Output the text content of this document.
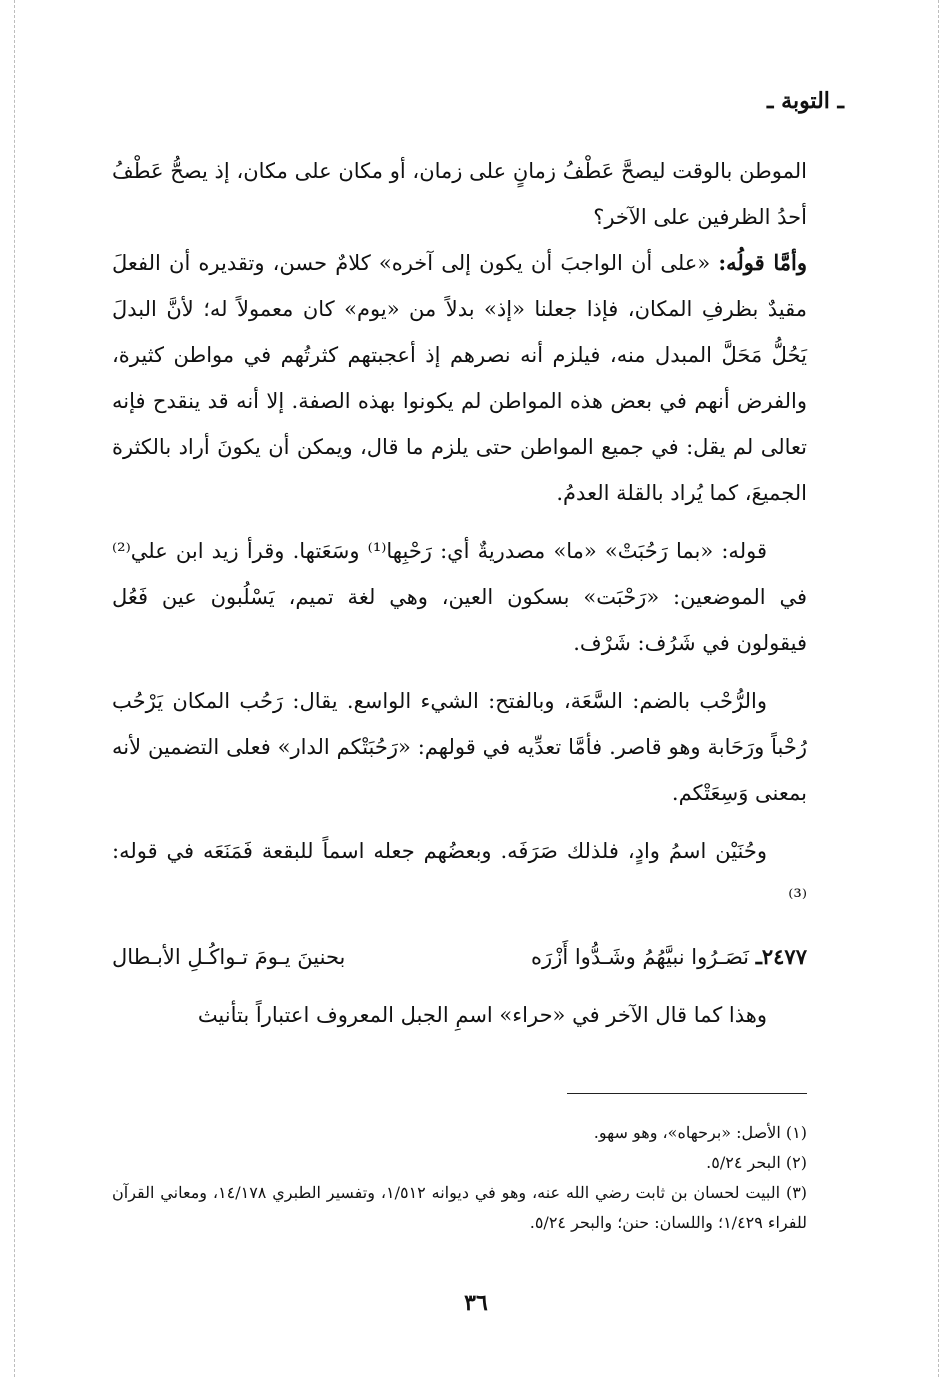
ـ التوبة ـ

الموطن بالوقت ليصحَّ عَطْفُ زمانٍ على زمان، أو مكان على مكان، إذ يصحُّ عَطْفُ أحدُ الظرفين على الآخر؟

وأمَّا قولُه: «على أن الواجبَ أن يكون إلى آخره» كلامٌ حسن، وتقديره أن الفعلَ مقيدٌ بظرفِ المكان، فإذا جعلنا «إذ» بدلاً من «يوم» كان معمولاً له؛ لأنَّ البدلَ يَحُلُّ مَحَلَّ المبدل منه، فيلزم أنه نصرهم إذ أعجبتهم كثرتُهم في مواطن كثيرة، والفرض أنهم في بعض هذه المواطن لم يكونوا بهذه الصفة. إلا أنه قد ينقدح فإنه تعالى لم يقل: في جميع المواطن حتى يلزم ما قال، ويمكن أن يكونَ أراد بالكثرة الجميعَ، كما يُراد بالقلة العدمُ.

قوله: «بما رَحُبَتْ» «ما» مصدريةٌ أي: رَحْبِها⁽¹⁾ وسَعَتها. وقرأ زيد ابن علي⁽²⁾ في الموضعين: «رَحْبَت» بسكون العين، وهي لغة تميم، يَسْلُبون عين فَعُل فيقولون في شَرُف: شَرْف.

والرُّحْب بالضم: السَّعَة، وبالفتح: الشيء الواسع. يقال: رَحُب المكان يَرْحُب رُحْباً ورَحَابة وهو قاصر. فأمَّا تعدِّيه في قولهم: «رَحُبَتْكم الدار» فعلى التضمين لأنه بمعنى وَسِعَتْكم.

وحُنَيْن اسمُ وادٍ، فلذلك صَرَفَه. وبعضُهم جعله اسماً للبقعة فَمَنَعَه في قوله: ⁽³⁾

٢٤٧٧ـ نَصَـرُوا نبيَّهُمُ وشَـدُّوا أَزْرَه
بحنينَ يـومَ تـواكُـلِ الأبـطال

وهذا كما قال الآخر في «حراء» اسمِ الجبل المعروف اعتباراً بتأنيث

(١) الأصل: «برحهاه»، وهو سهو.

(٢) البحر ٥/٢٤.

(٣) البيت لحسان بن ثابت رضي الله عنه، وهو في ديوانه ١/٥١٢، وتفسير الطبري ١٤/١٧٨، ومعاني القرآن للفراء ١/٤٢٩؛ واللسان: حنن؛ والبحر ٥/٢٤.

٣٦
